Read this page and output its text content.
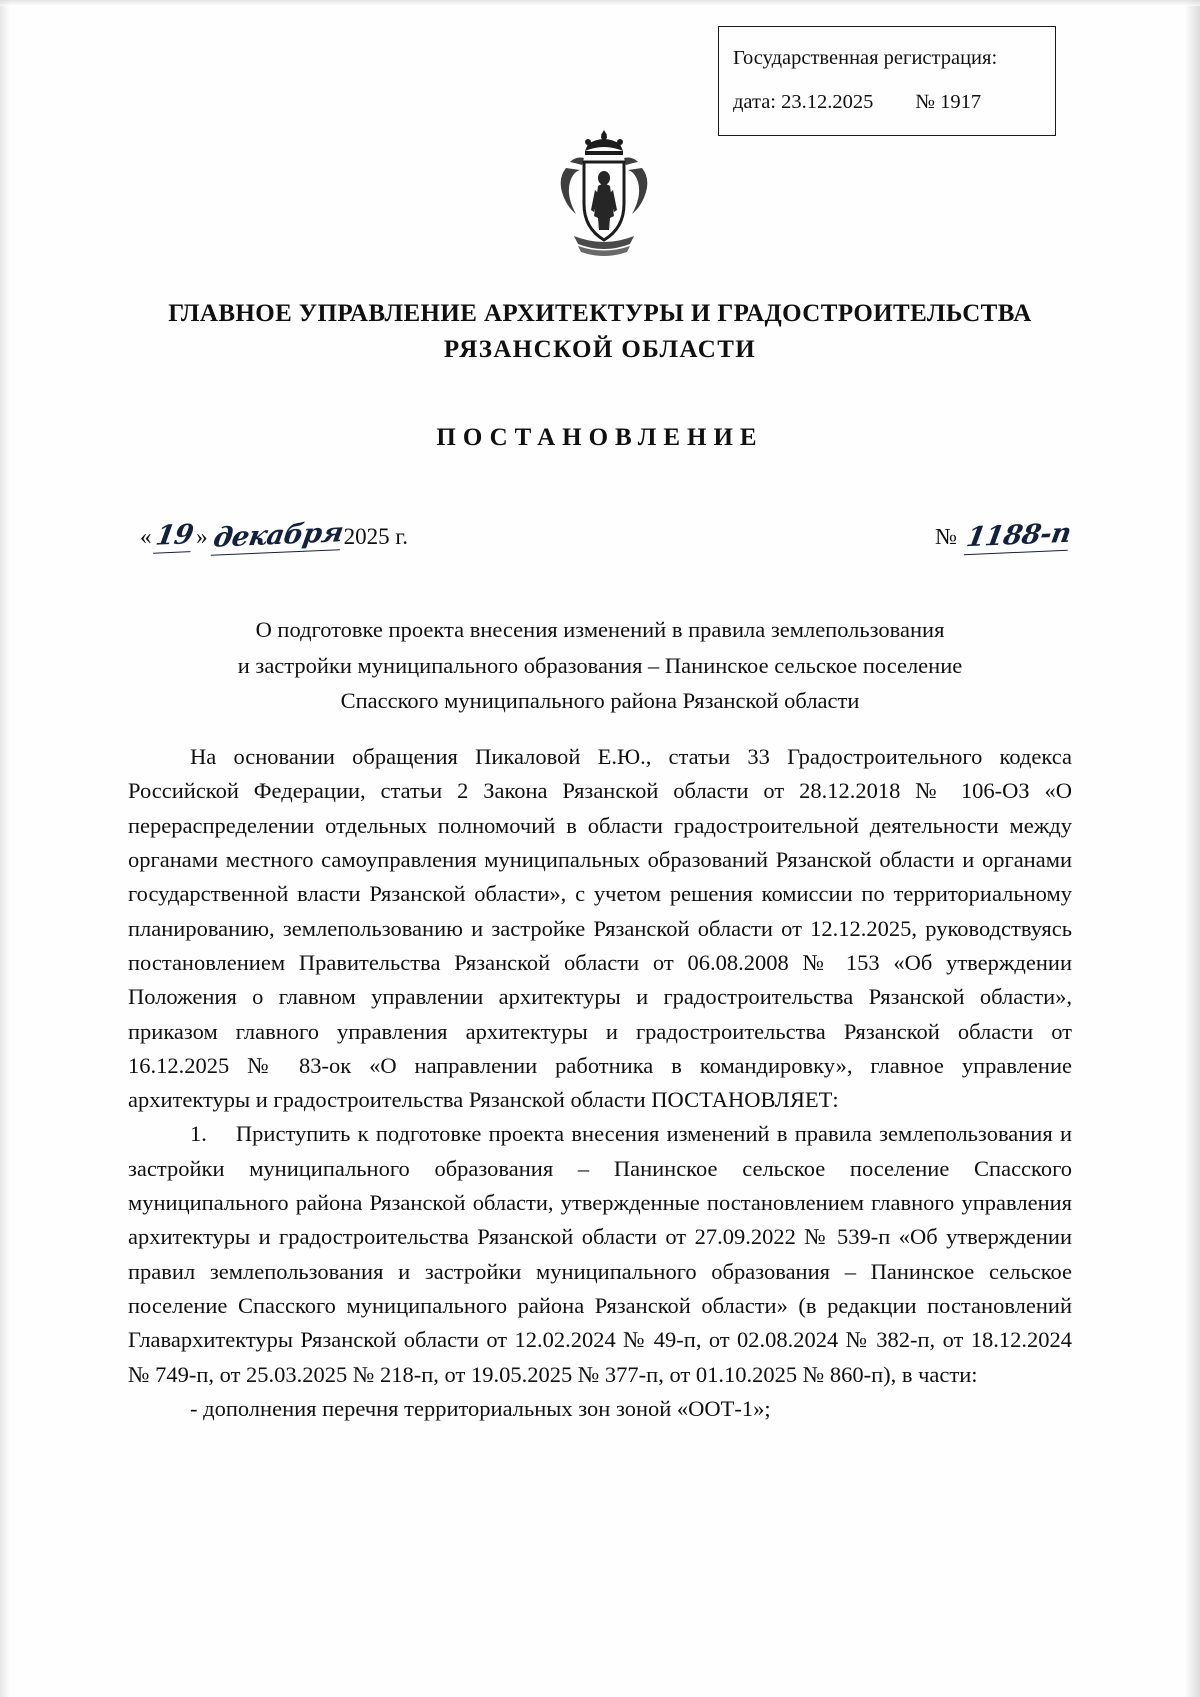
Государственная регистрация:
дата: 23.12.2025 № 1917
ГЛАВНОЕ УПРАВЛЕНИЕ АРХИТЕКТУРЫ И ГРАДОСТРОИТЕЛЬСТВА
РЯЗАНСКОЙ ОБЛАСТИ
ПОСТАНОВЛЕНИЕ
« 19 » декабря
2025 г.	№ 1188-п
О подготовке проекта внесения изменений в правила землепользования
и застройки муниципального образования – Панинское сельское поселение
Спасского муниципального района Рязанской области

На основании обращения Пикаловой Е.Ю., статьи 33 Градостроительного кодекса Российской Федерации, статьи 2 Закона Рязанской области от 28.12.2018 № 106-ОЗ «О перераспределении отдельных полномочий в области градостроительной деятельности между органами местного самоуправления муниципальных образований Рязанской области и органами государственной власти Рязанской области», с учетом решения комиссии по территориальному планированию, землепользованию и застройке Рязанской области от 12.12.2025, руководствуясь постановлением Правительства Рязанской области от 06.08.2008 № 153 «Об утверждении Положения о главном управлении архитектуры и градостроительства Рязанской области», приказом главного управления архитектуры и градостроительства Рязанской области от 16.12.2025 № 83-ок «О направлении работника в командировку», главное управление архитектуры и градостроительства Рязанской области ПОСТАНОВЛЯЕТ:

1.    Приступить к подготовке проекта внесения изменений в правила землепользования и застройки муниципального образования – Панинское сельское поселение Спасского муниципального района Рязанской области, утвержденные постановлением главного управления архитектуры и градостроительства Рязанской области от 27.09.2022 № 539-п «Об утверждении правил землепользования и застройки муниципального образования – Панинское сельское поселение Спасского муниципального района Рязанской области» (в редакции постановлений Главархитектуры Рязанской области от 12.02.2024 № 49-п, от 02.08.2024 № 382-п, от 18.12.2024 № 749-п, от 25.03.2025 № 218-п, от 19.05.2025 № 377-п, от 01.10.2025 № 860-п), в части:

- дополнения перечня территориальных зон зоной «ООТ-1»;
